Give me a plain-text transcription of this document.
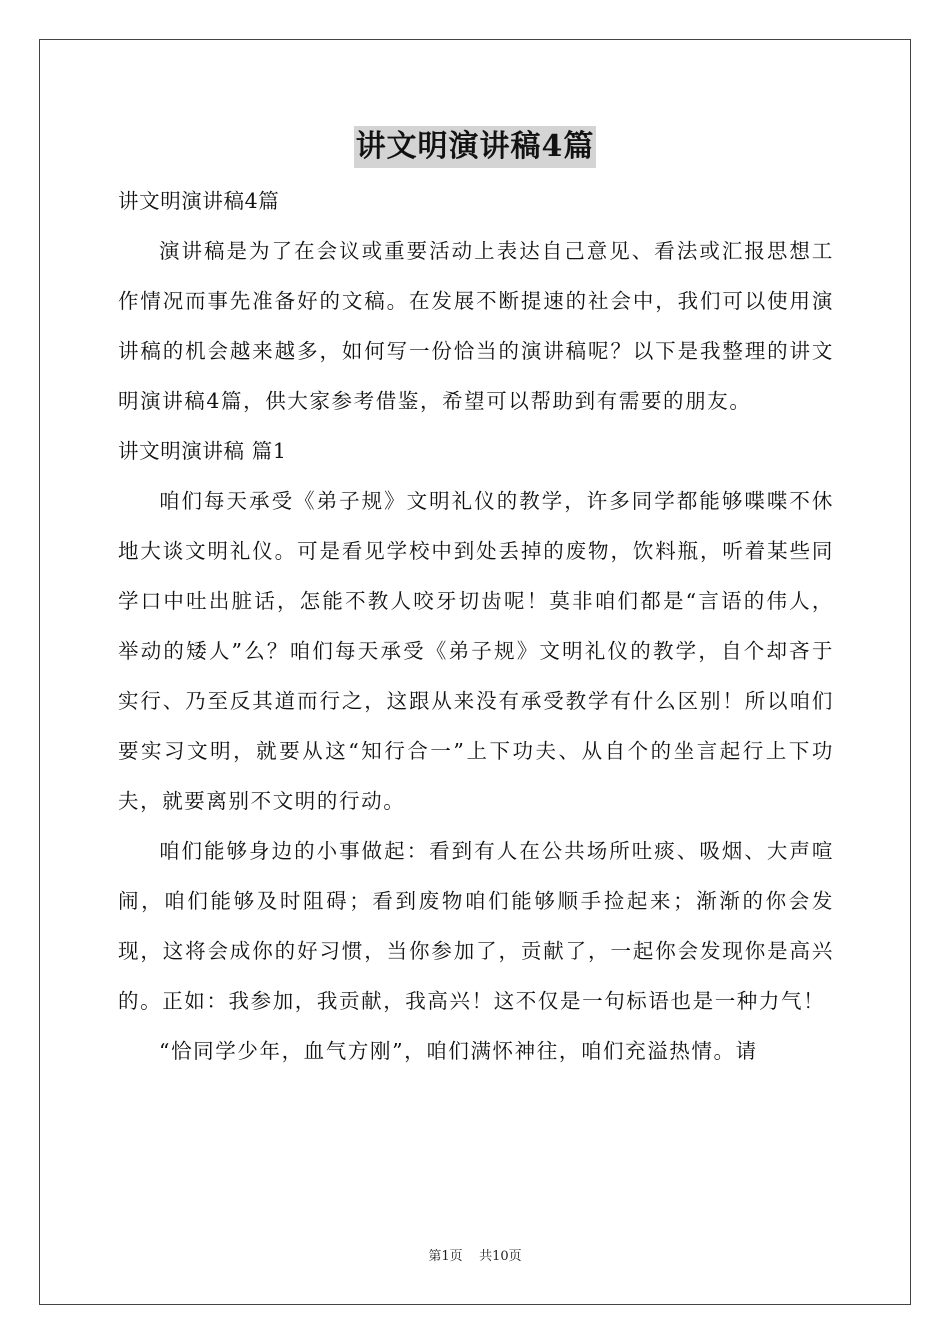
讲文明演讲稿4篇

讲文明演讲稿4篇

演讲稿是为了在会议或重要活动上表达自己意见、看法或汇报思想工作情况而事先准备好的文稿。在发展不断提速的社会中，我们可以使用演讲稿的机会越来越多，如何写一份恰当的演讲稿呢？以下是我整理的讲文明演讲稿4篇，供大家参考借鉴，希望可以帮助到有需要的朋友。

讲文明演讲稿 篇1

咱们每天承受《弟子规》文明礼仪的教学，许多同学都能够喋喋不休地大谈文明礼仪。可是看见学校中到处丢掉的废物，饮料瓶，听着某些同学口中吐出脏话，怎能不教人咬牙切齿呢！莫非咱们都是“言语的伟人，举动的矮人”么？咱们每天承受《弟子规》文明礼仪的教学，自个却吝于实行、乃至反其道而行之，这跟从来没有承受教学有什么区别！所以咱们要实习文明，就要从这“知行合一”上下功夫、从自个的坐言起行上下功夫，就要离别不文明的行动。

咱们能够身边的小事做起：看到有人在公共场所吐痰、吸烟、大声喧闹，咱们能够及时阻碍；看到废物咱们能够顺手捡起来；渐渐的你会发现，这将会成你的好习惯，当你参加了，贡献了，一起你会发现你是高兴的。正如：我参加，我贡献，我高兴！这不仅是一句标语也是一种力气！

“恰同学少年，血气方刚”，咱们满怀神往，咱们充溢热情。请

第1页    共10页
